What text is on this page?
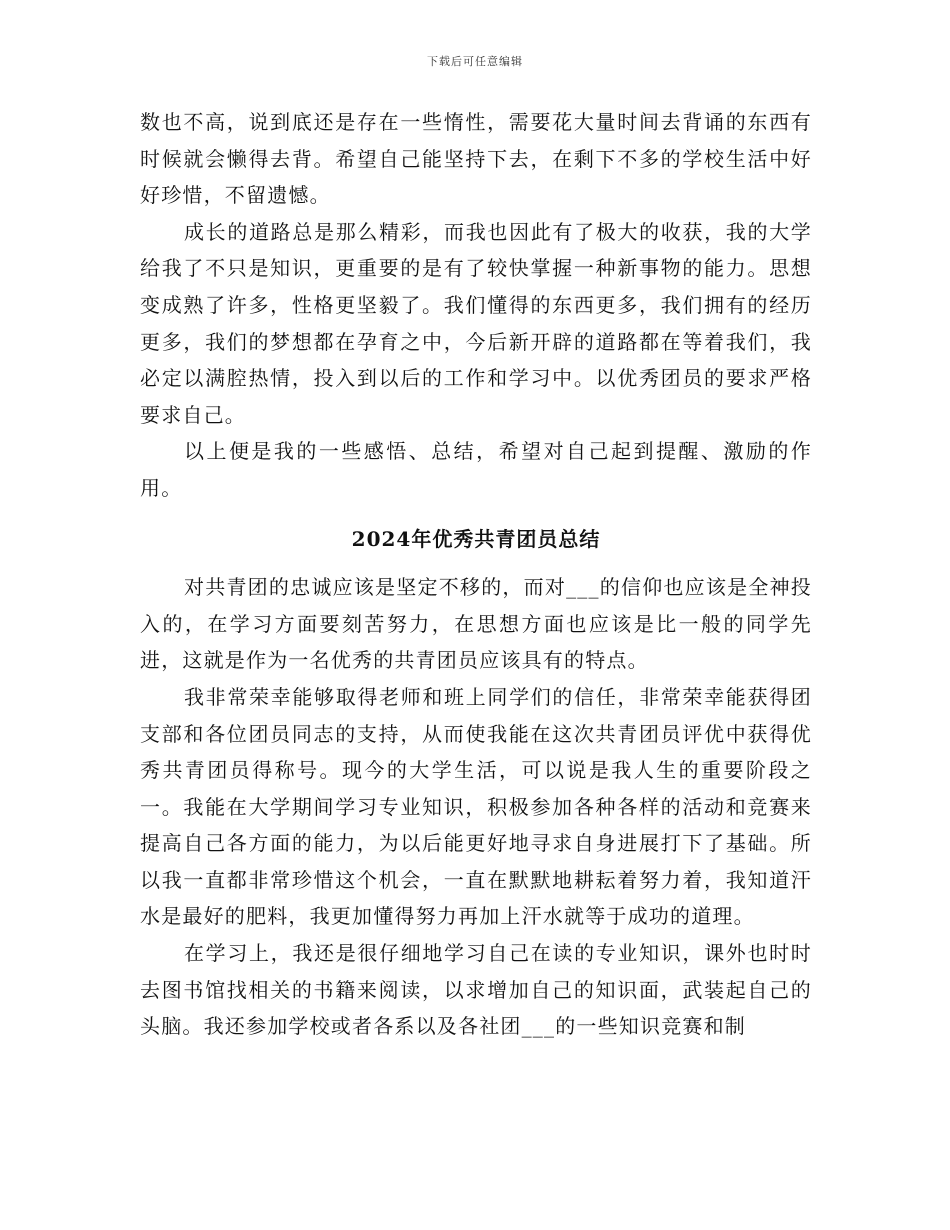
下载后可任意编辑

数也不高，说到底还是存在一些惰性，需要花大量时间去背诵的东西有时候就会懒得去背。希望自己能坚持下去，在剩下不多的学校生活中好好珍惜，不留遗憾。

成长的道路总是那么精彩，而我也因此有了极大的收获，我的大学给我了不只是知识，更重要的是有了较快掌握一种新事物的能力。思想变成熟了许多，性格更坚毅了。我们懂得的东西更多，我们拥有的经历更多，我们的梦想都在孕育之中，今后新开辟的道路都在等着我们，我必定以满腔热情，投入到以后的工作和学习中。以优秀团员的要求严格要求自己。

以上便是我的一些感悟、总结，希望对自己起到提醒、激励的作用。

2024年优秀共青团员总结

对共青团的忠诚应该是坚定不移的，而对___的信仰也应该是全神投入的，在学习方面要刻苦努力，在思想方面也应该是比一般的同学先进，这就是作为一名优秀的共青团员应该具有的特点。

我非常荣幸能够取得老师和班上同学们的信任，非常荣幸能获得团支部和各位团员同志的支持，从而使我能在这次共青团员评优中获得优秀共青团员得称号。现今的大学生活，可以说是我人生的重要阶段之一。我能在大学期间学习专业知识，积极参加各种各样的活动和竞赛来提高自己各方面的能力，为以后能更好地寻求自身进展打下了基础。所以我一直都非常珍惜这个机会，一直在默默地耕耘着努力着，我知道汗水是最好的肥料，我更加懂得努力再加上汗水就等于成功的道理。

在学习上，我还是很仔细地学习自己在读的专业知识，课外也时时去图书馆找相关的书籍来阅读，以求增加自己的知识面，武装起自己的头脑。我还参加学校或者各系以及各社团___的一些知识竞赛和制
